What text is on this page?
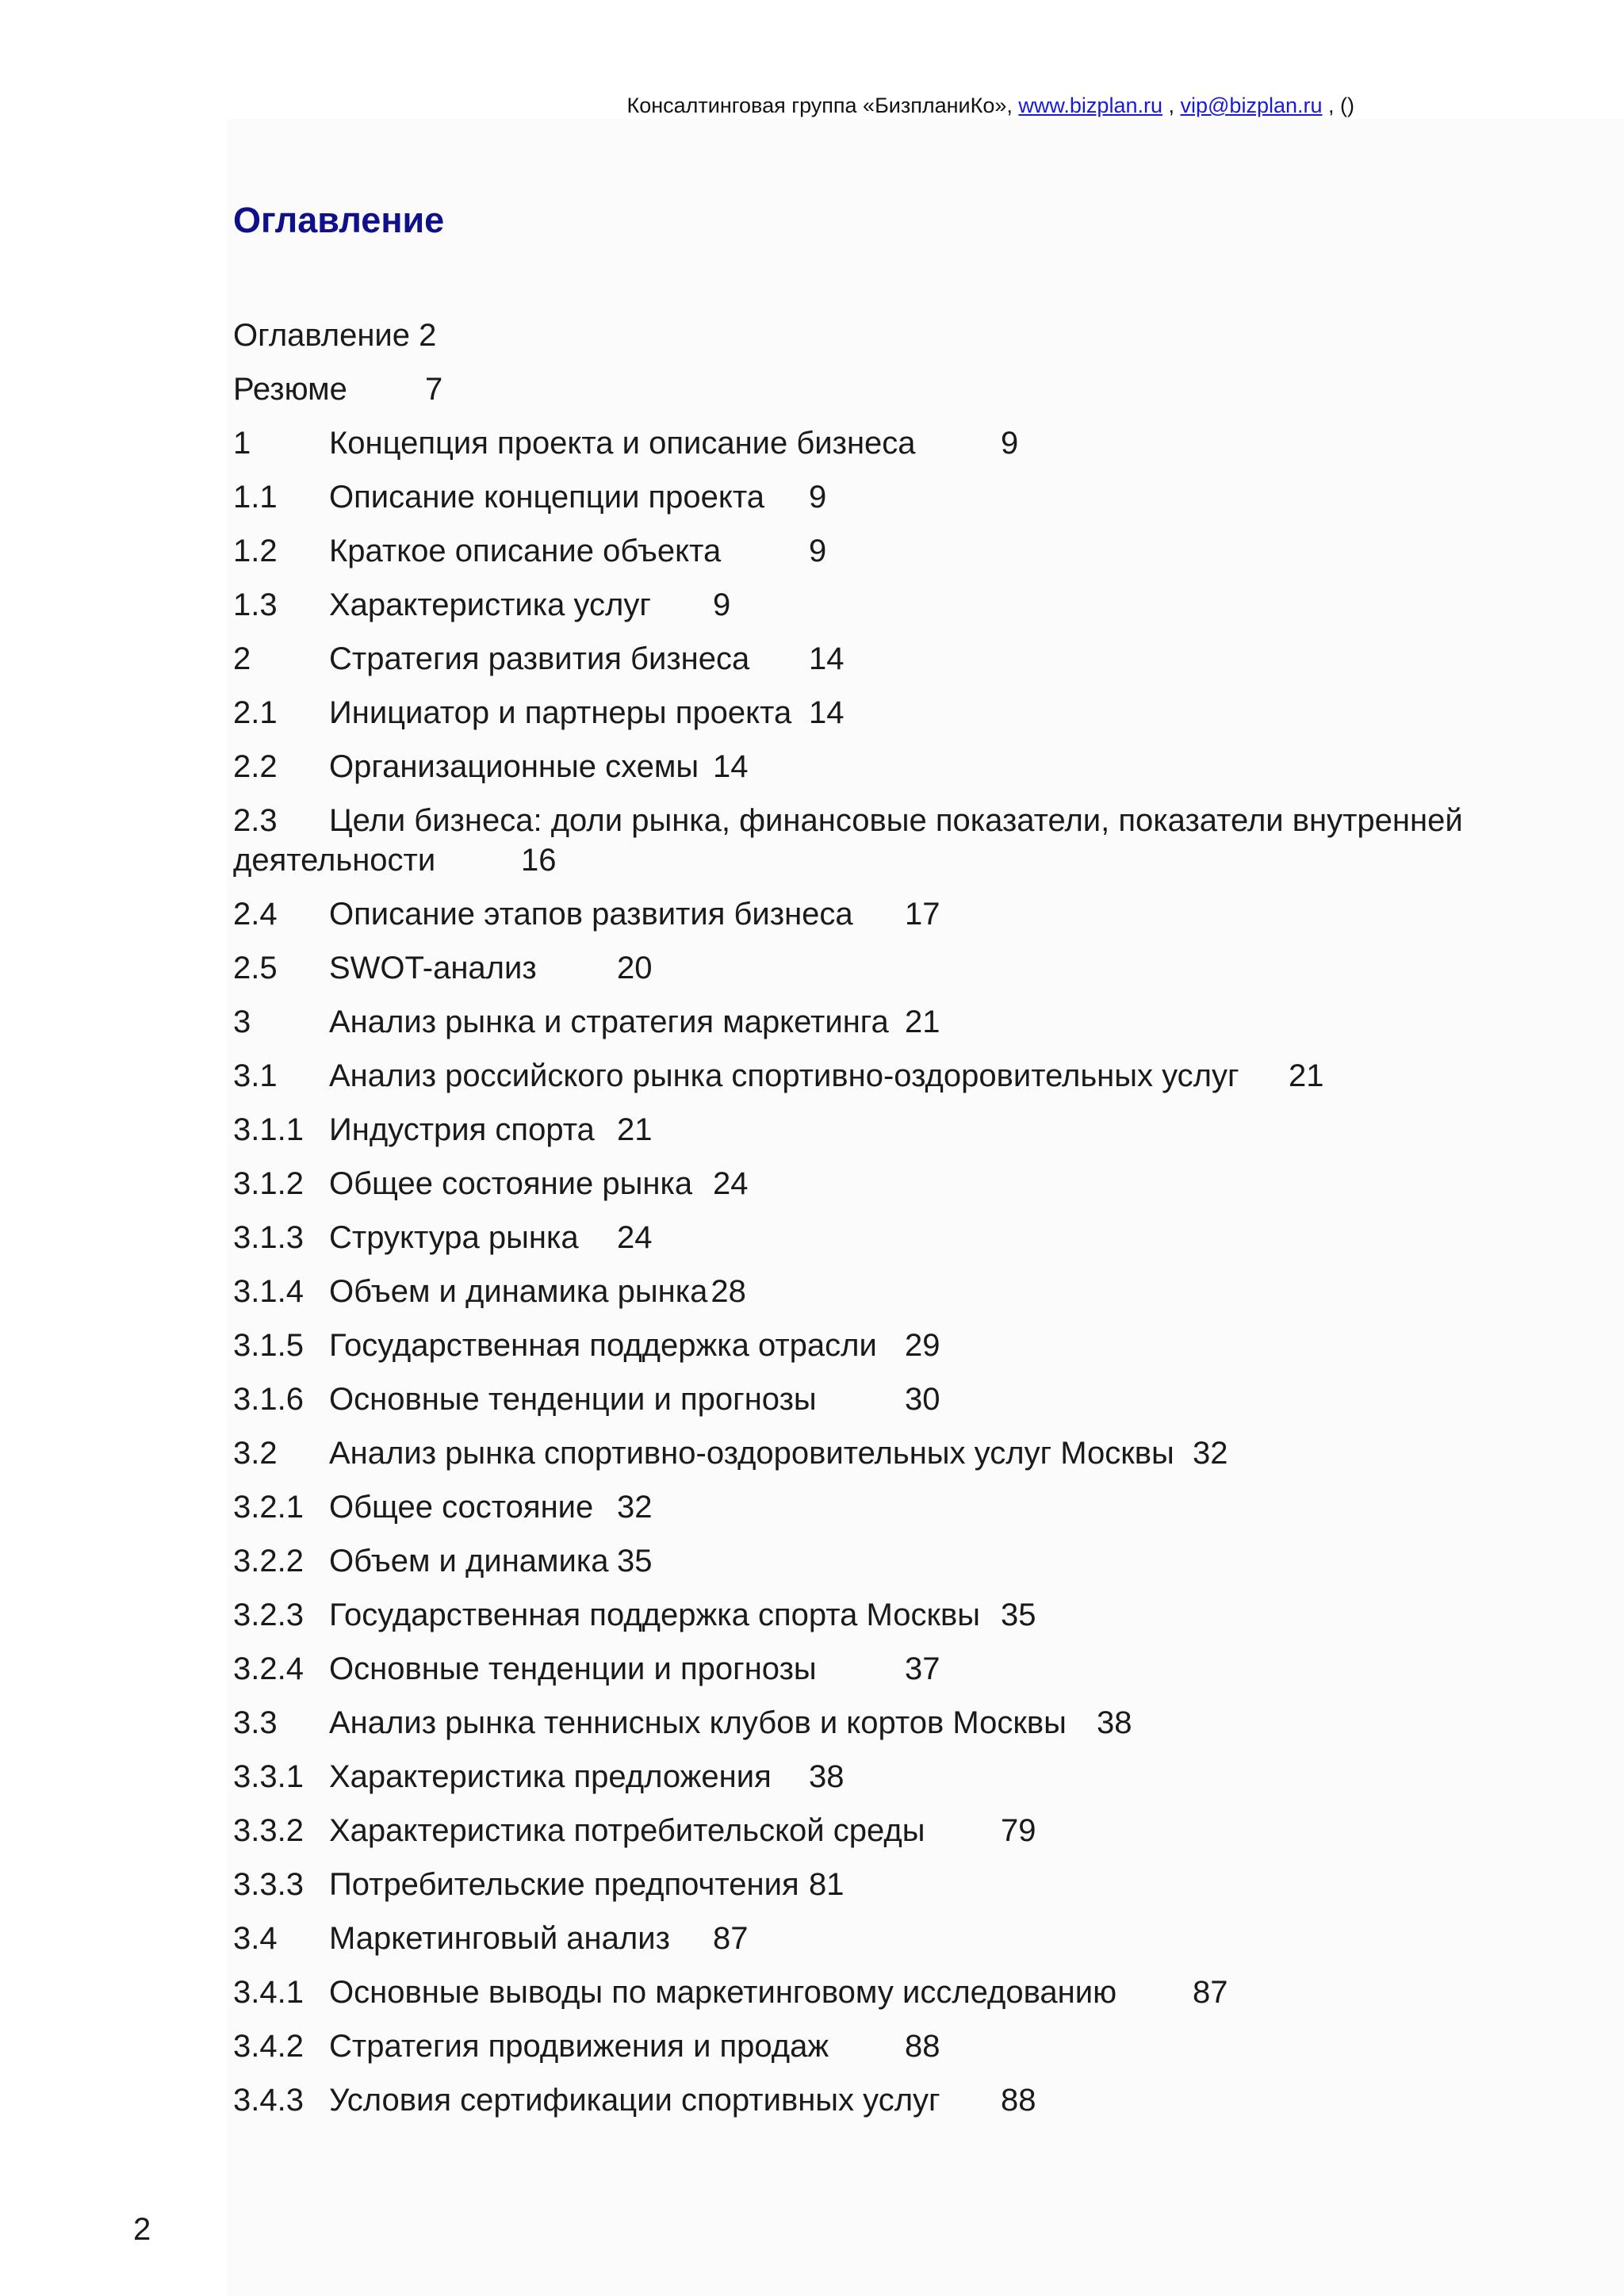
Консалтинговая группа «БизпланиКо», www.bizplan.ru , vip@bizplan.ru , ()
Оглавление
Оглавление 2
Резюме 7
1 Концепция проекта и описание бизнеса	9
1.1 Описание концепции проекта 9
1.2 Краткое описание объекта	9
1.3 Характеристика услуг 9
2 Стратегия развития бизнеса 14
2.1 Инициатор и партнеры проекта 14
2.2 Организационные схемы 14
2.3 Цели бизнеса: доли рынка, финансовые показатели, показатели внутренней деятельности	16
2.4 Описание этапов развития бизнеса 17
2.5 SWOT-анализ	20
3 Анализ рынка и стратегия маркетинга 21
3.1 Анализ российского рынка спортивно-оздоровительных услуг 21
3.1.1 Индустрия спорта 21
3.1.2 Общее состояние рынка 24
3.1.3 Структура рынка 24
3.1.4 Объем и динамика рынка 28
3.1.5 Государственная поддержка отрасли 29
3.1.6 Основные тенденции и прогнозы	30
3.2 Анализ рынка спортивно-оздоровительных услуг Москвы 32
3.2.1 Общее состояние 32
3.2.2 Объем и динамика 35
3.2.3 Государственная поддержка спорта Москвы 35
3.2.4 Основные тенденции и прогнозы	37
3.3 Анализ рынка теннисных клубов и кортов Москвы 38
3.3.1 Характеристика предложения 38
3.3.2 Характеристика потребительской среды 79
3.3.3 Потребительские предпочтения 81
3.4 Маркетинговый анализ 87
3.4.1 Основные выводы по маркетинговому исследованию 87
3.4.2 Стратегия продвижения и продаж 88
3.4.3 Условия сертификации спортивных услуг 88
2
